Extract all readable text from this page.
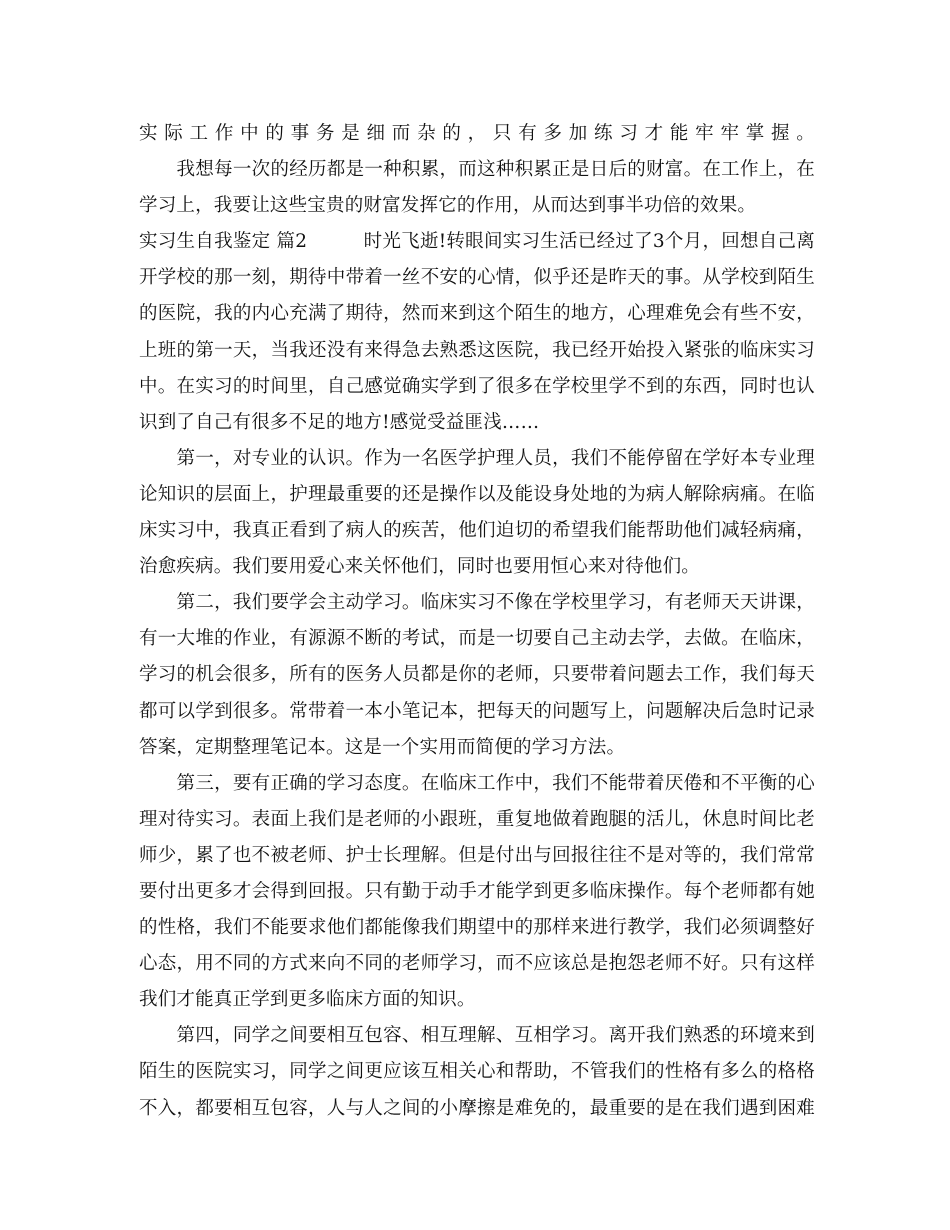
实际工作中的事务是细而杂的，只有多加练习才能牢牢掌握。
　　我想每一次的经历都是一种积累，而这种积累正是日后的财富。在工作上，在
学习上，我要让这些宝贵的财富发挥它的作用，从而达到事半功倍的效果。
实习生自我鉴定 篇2　　　时光飞逝!转眼间实习生活已经过了3个月，回想自己离
开学校的那一刻，期待中带着一丝不安的心情，似乎还是昨天的事。从学校到陌生
的医院，我的内心充满了期待，然而来到这个陌生的地方，心理难免会有些不安，
上班的第一天，当我还没有来得急去熟悉这医院，我已经开始投入紧张的临床实习
中。在实习的时间里，自己感觉确实学到了很多在学校里学不到的东西，同时也认
识到了自己有很多不足的地方!感觉受益匪浅……
　　第一，对专业的认识。作为一名医学护理人员，我们不能停留在学好本专业理
论知识的层面上，护理最重要的还是操作以及能设身处地的为病人解除病痛。在临
床实习中，我真正看到了病人的疾苦，他们迫切的希望我们能帮助他们减轻病痛，
治愈疾病。我们要用爱心来关怀他们，同时也要用恒心来对待他们。
　　第二，我们要学会主动学习。临床实习不像在学校里学习，有老师天天讲课，
有一大堆的作业，有源源不断的考试，而是一切要自己主动去学，去做。在临床，
学习的机会很多，所有的医务人员都是你的老师，只要带着问题去工作，我们每天
都可以学到很多。常带着一本小笔记本，把每天的问题写上，问题解决后急时记录
答案，定期整理笔记本。这是一个实用而简便的学习方法。
　　第三，要有正确的学习态度。在临床工作中，我们不能带着厌倦和不平衡的心
理对待实习。表面上我们是老师的小跟班，重复地做着跑腿的活儿，休息时间比老
师少，累了也不被老师、护士长理解。但是付出与回报往往不是对等的，我们常常
要付出更多才会得到回报。只有勤于动手才能学到更多临床操作。每个老师都有她
的性格，我们不能要求他们都能像我们期望中的那样来进行教学，我们必须调整好
心态，用不同的方式来向不同的老师学习，而不应该总是抱怨老师不好。只有这样
我们才能真正学到更多临床方面的知识。
　　第四，同学之间要相互包容、相互理解、互相学习。离开我们熟悉的环境来到
陌生的医院实习，同学之间更应该互相关心和帮助，不管我们的性格有多么的格格
不入，都要相互包容，人与人之间的小摩擦是难免的，最重要的是在我们遇到困难
